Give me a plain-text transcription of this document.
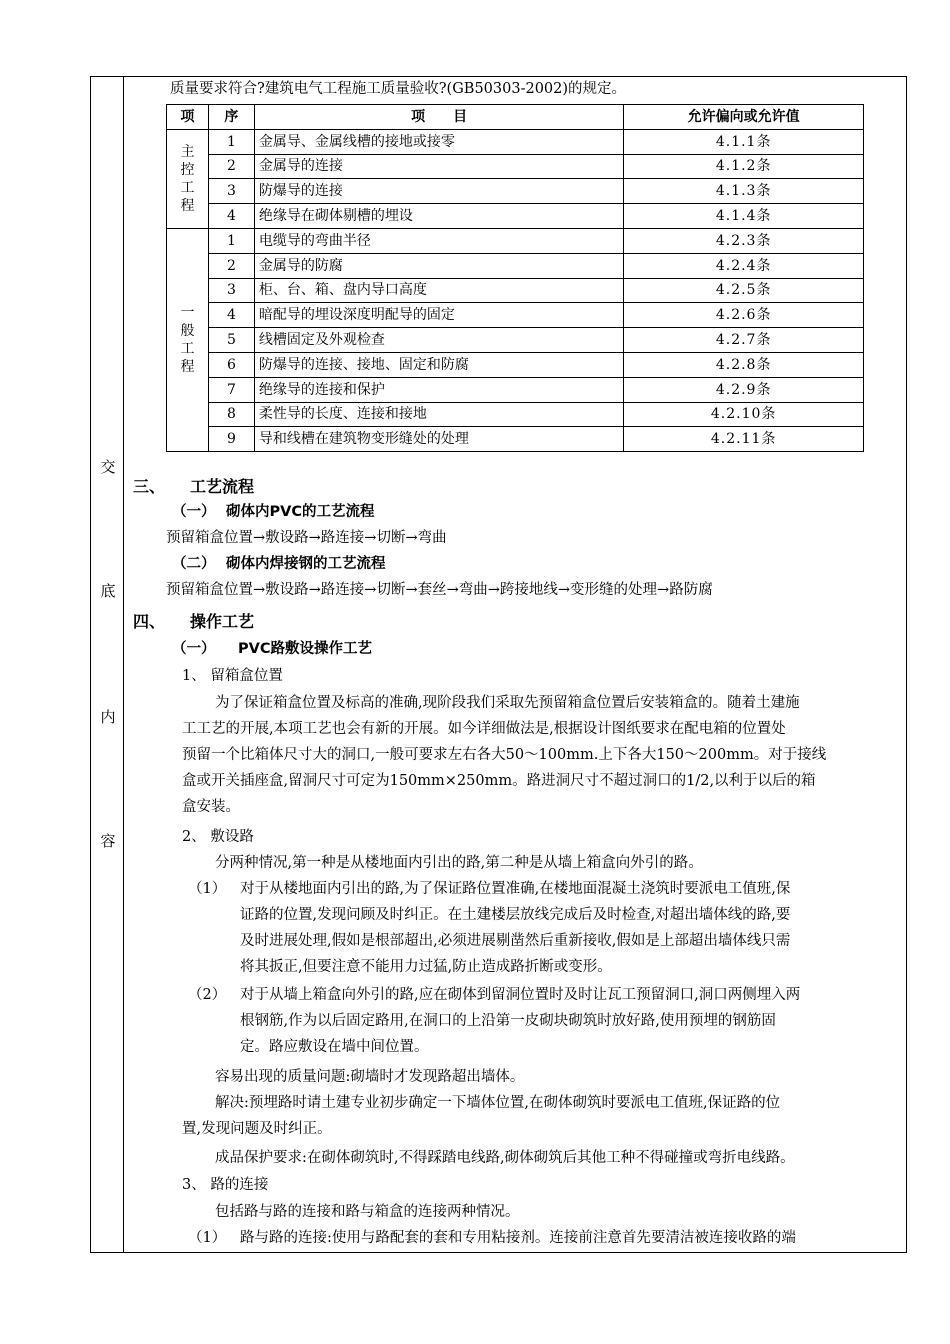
交
底
内
容
质量要求符合?建筑电气工程施工质量验收?(GB50303-2002)的规定。
项	序	项　　目	允许偏向或允许值

主
控
工
程	1	金属导、金属线槽的接地或接零	4.1.1条
	2	金属导的连接	4.1.2条
	3	防爆导的连接	4.1.3条
	4	绝缘导在砌体剔槽的埋设	4.1.4条

一
般
工
程	1	电缆导的弯曲半径	4.2.3条
	2	金属导的防腐	4.2.4条
	3	柜、台、箱、盘内导口高度	4.2.5条
	4	暗配导的埋设深度明配导的固定	4.2.6条
	5	线槽固定及外观检查	4.2.7条
	6	防爆导的连接、接地、固定和防腐	4.2.8条
	7	绝缘导的连接和保护	4.2.9条
	8	柔性导的长度、连接和接地	4.2.10条
	9	导和线槽在建筑物变形缝处的处理	4.2.11条
三、 工艺流程
（一） 砌体内PVC的工艺流程
预留箱盒位置→敷设路→路连接→切断→弯曲
（二） 砌体内焊接钢的工艺流程
预留箱盒位置→敷设路→路连接→切断→套丝→弯曲→跨接地线→变形缝的处理→路防腐
四、 操作工艺
（一） PVC路敷设操作工艺
1、 留箱盒位置
为了保证箱盒位置及标高的准确,现阶段我们采取先预留箱盒位置后安装箱盒的。随着土建施
工工艺的开展,本项工艺也会有新的开展。如今详细做法是,根据设计图纸要求在配电箱的位置处
预留一个比箱体尺寸大的洞口,一般可要求左右各大50～100mm.上下各大150～200mm。对于接线
盒或开关插座盒,留洞尺寸可定为150mm×250mm。路进洞尺寸不超过洞口的1/2,以利于以后的箱
盒安装。
2、 敷设路
分两种情况,第一种是从楼地面内引出的路,第二种是从墙上箱盒向外引的路。
（1） 对于从楼地面内引出的路,为了保证路位置准确,在楼地面混凝土浇筑时要派电工值班,保
证路的位置,发现问顾及时纠正。在土建楼层放线完成后及时检查,对超出墙体线的路,要
及时进展处理,假如是根部超出,必须进展剔凿然后重新接收,假如是上部超出墙体线只需
将其扳正,但要注意不能用力过猛,防止造成路折断或变形。
（2） 对于从墙上箱盒向外引的路,应在砌体到留洞位置时及时让瓦工预留洞口,洞口两侧埋入两
根钢筋,作为以后固定路用,在洞口的上沿第一皮砌块砌筑时放好路,使用预埋的钢筋固
定。路应敷设在墙中间位置。
容易出现的质量问题:砌墙时才发现路超出墙体。
解决:预埋路时请土建专业初步确定一下墙体位置,在砌体砌筑时要派电工值班,保证路的位
置,发现问题及时纠正。
成品保护要求:在砌体砌筑时,不得踩踏电线路,砌体砌筑后其他工种不得碰撞或弯折电线路。
3、 路的连接
包括路与路的连接和路与箱盒的连接两种情况。
（1） 路与路的连接:使用与路配套的套和专用粘接剂。连接前注意首先要清洁被连接收路的端
